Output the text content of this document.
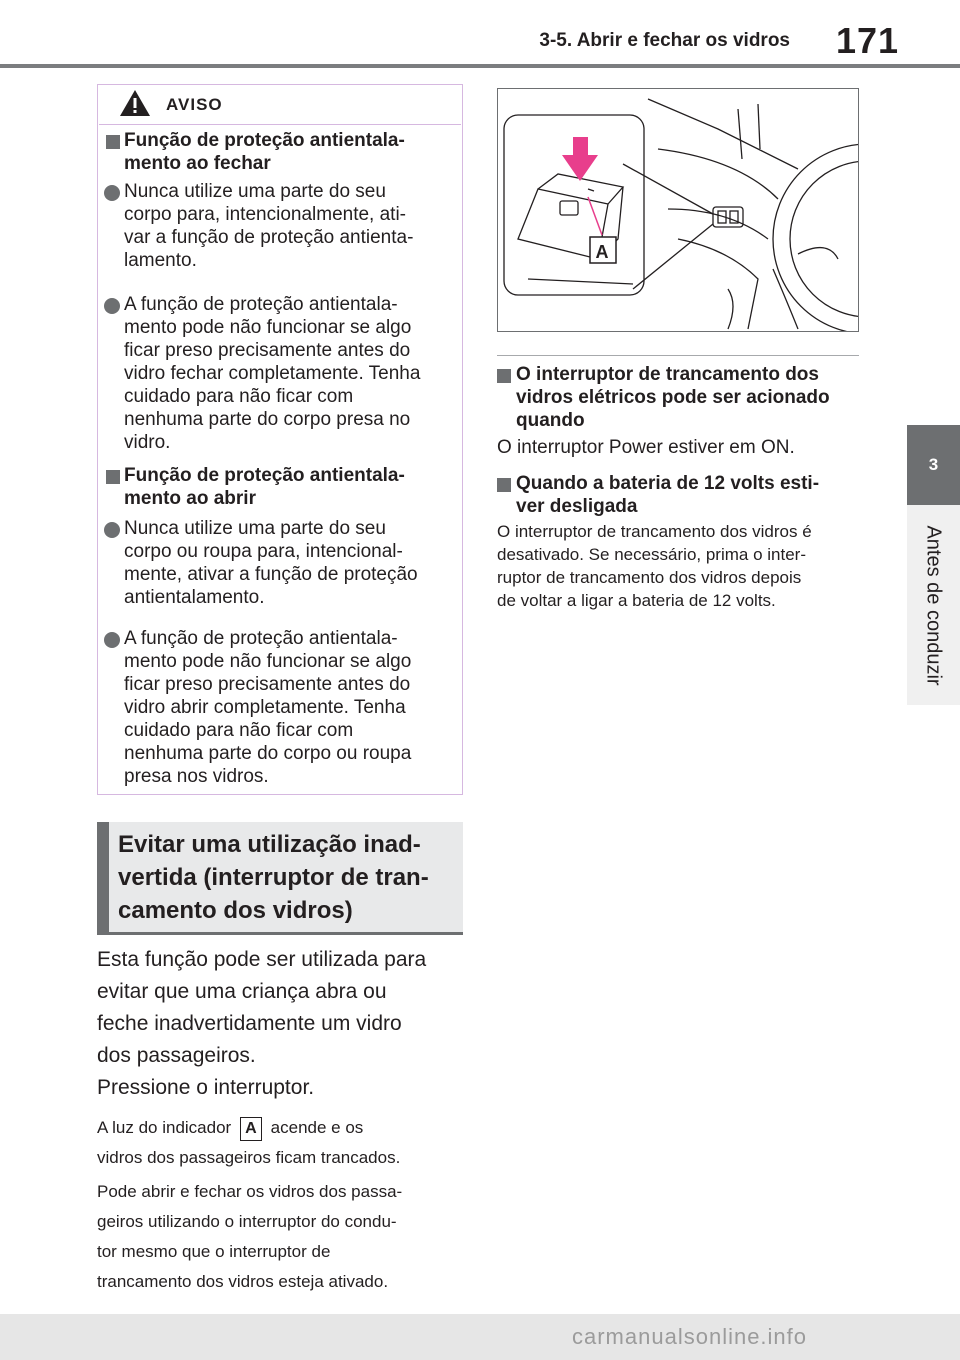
3-5. Abrir e fechar os vidros 171
3
Antes de conduzir
AVISO
Função de proteção antientala-
mento ao fechar
Nunca utilize uma parte do seu
corpo para, intencionalmente, ati-
var a função de proteção antienta-
lamento.
A função de proteção antientala-
mento pode não funcionar se algo
ficar preso precisamente antes do
vidro fechar completamente. Tenha
cuidado para não ficar com
nenhuma parte do corpo presa no
vidro.
Função de proteção antientala-
mento ao abrir
Nunca utilize uma parte do seu
corpo ou roupa para, intencional-
mente, ativar a função de proteção
antientalamento.
A função de proteção antientala-
mento pode não funcionar se algo
ficar preso precisamente antes do
vidro abrir completamente. Tenha
cuidado para não ficar com
nenhuma parte do corpo ou roupa
presa nos vidros.
Evitar uma utilização inad-
vertida (interruptor de tran-
camento dos vidros)
Esta função pode ser utilizada para
evitar que uma criança abra ou
feche inadvertidamente um vidro
dos passageiros.
Pressione o interruptor.
A luz do indicador A acende e os
vidros dos passageiros ficam trancados.
Pode abrir e fechar os vidros dos passa-
geiros utilizando o interruptor do condu-
tor mesmo que o interruptor de
trancamento dos vidros esteja ativado.
A
O interruptor de trancamento dos
vidros elétricos pode ser acionado
quando
O interruptor Power estiver em ON.
Quando a bateria de 12 volts esti-
ver desligada
O interruptor de trancamento dos vidros é
desativado. Se necessário, prima o inter-
ruptor de trancamento dos vidros depois
de voltar a ligar a bateria de 12 volts.
carmanualsonline.info
